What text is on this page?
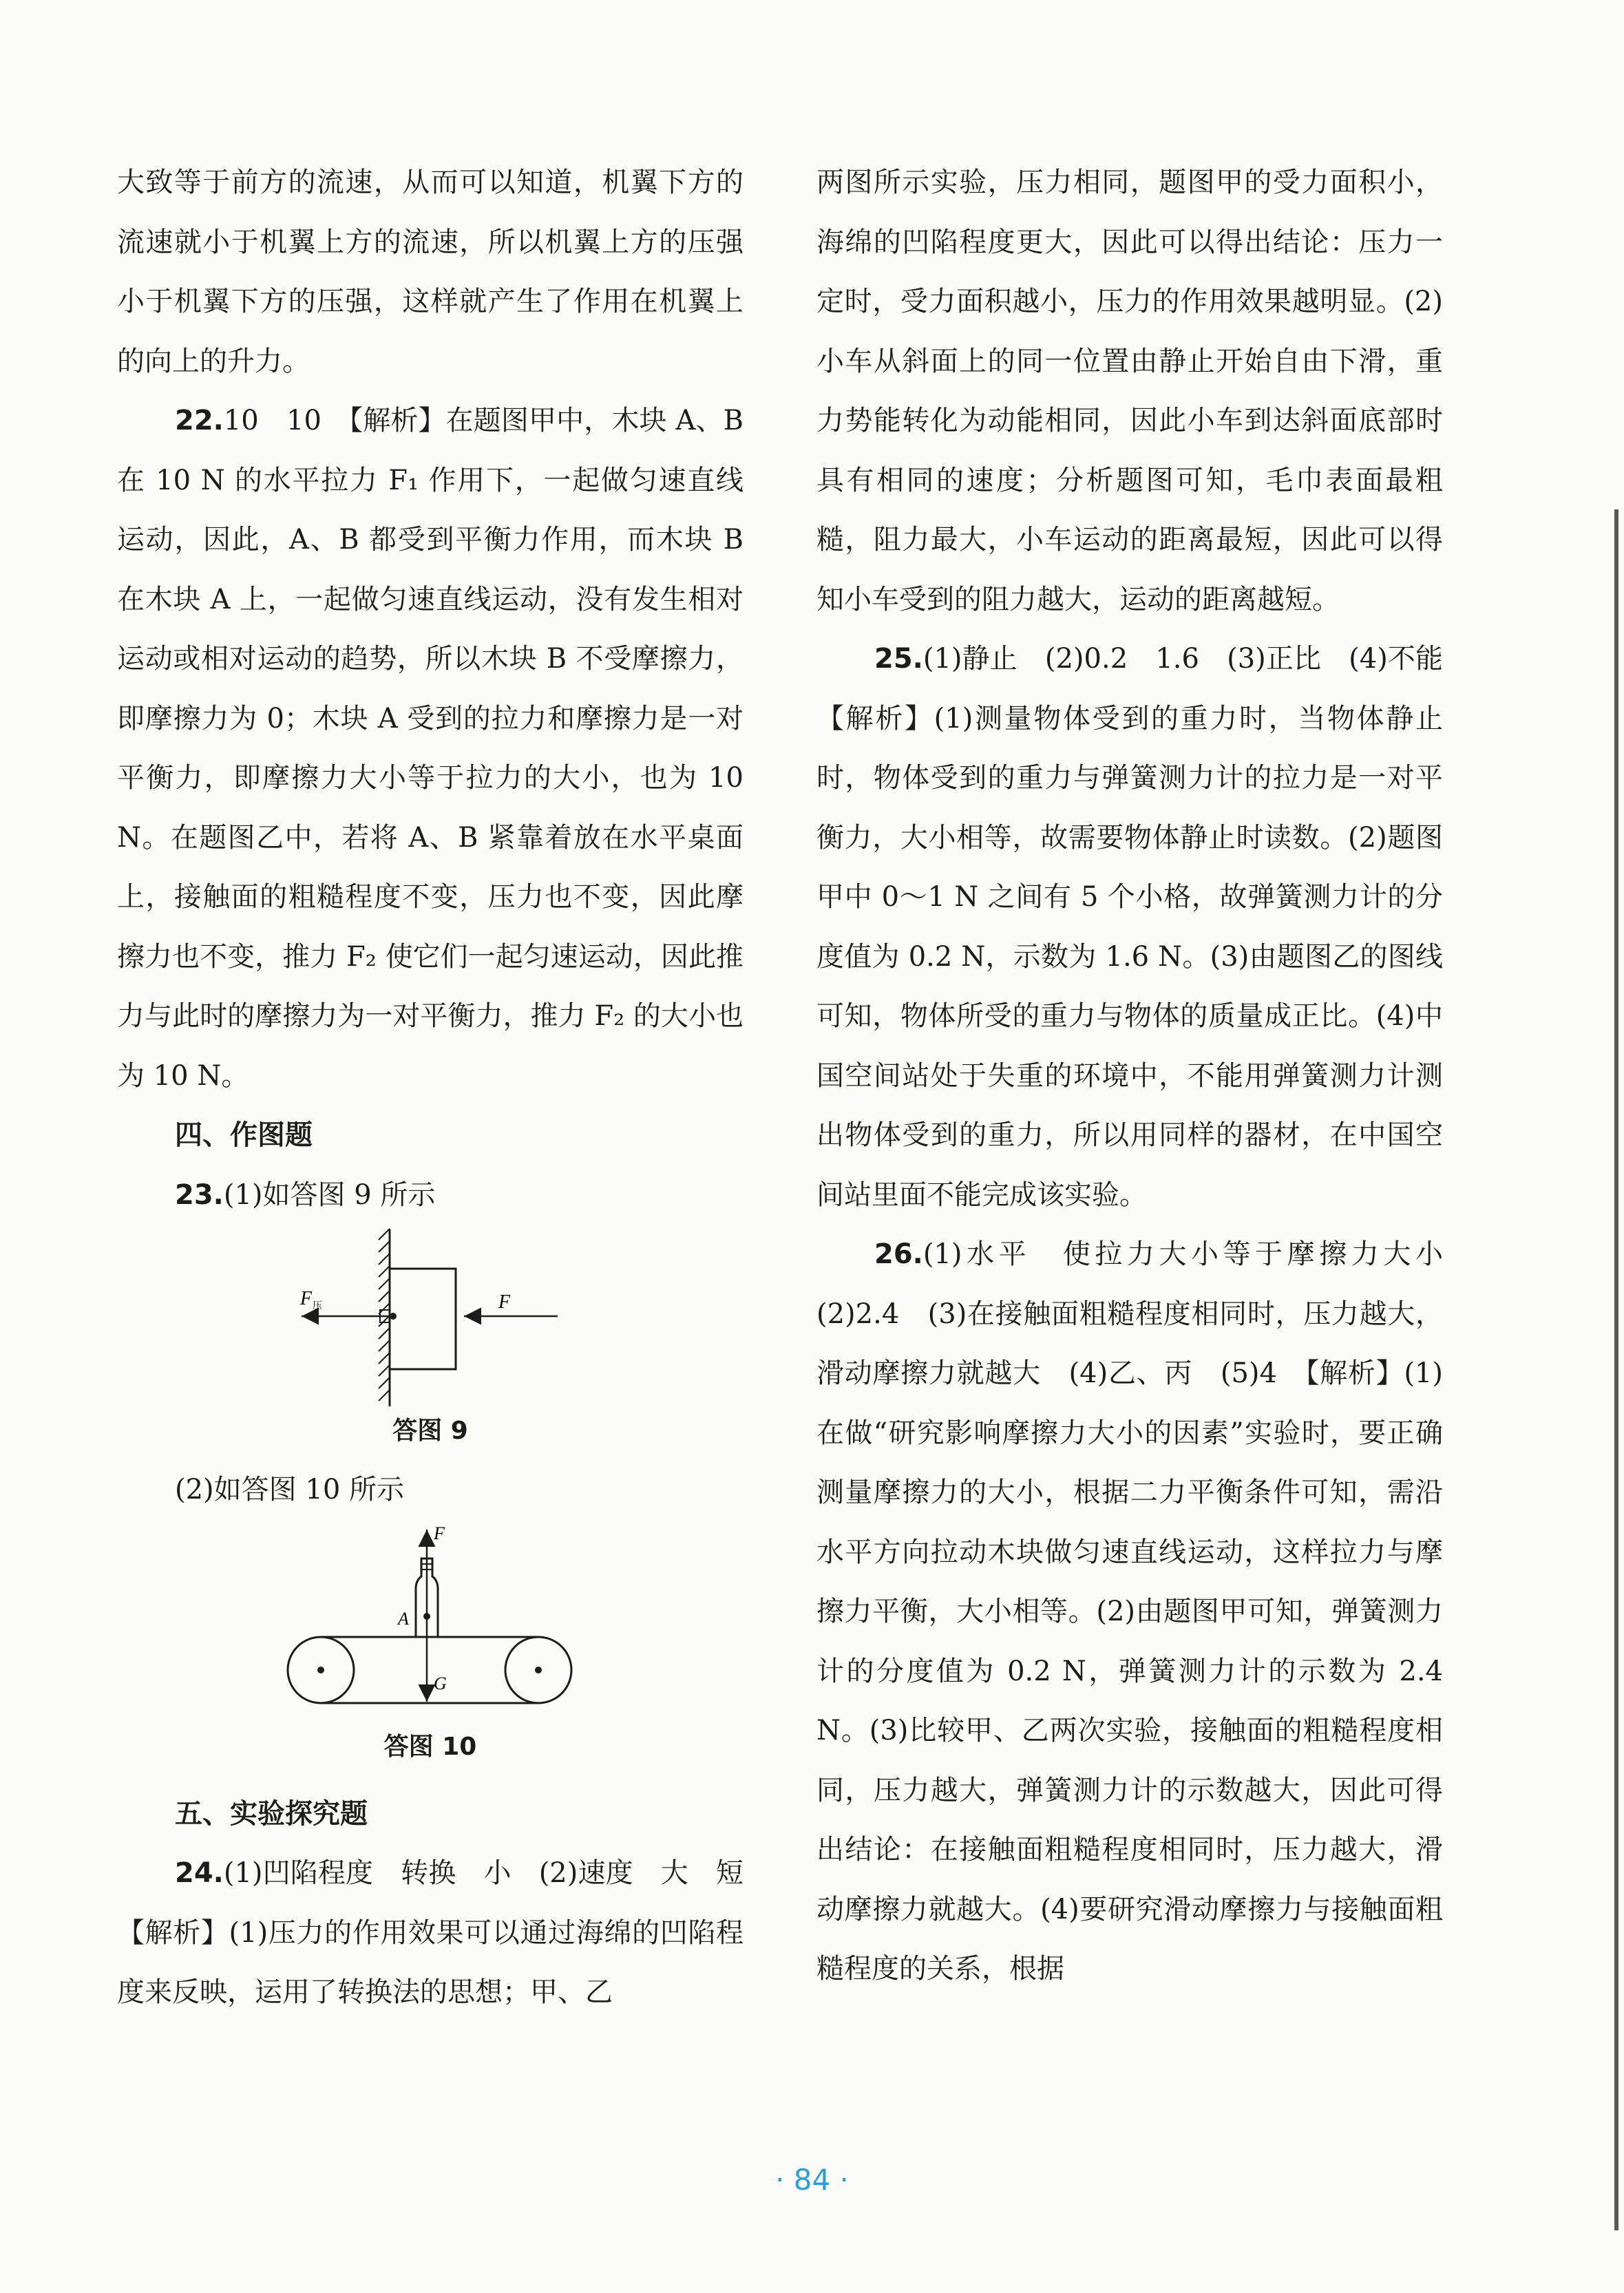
大致等于前方的流速，从而可以知道，机翼下方的流速就小于机翼上方的流速，所以机翼上方的压强小于机翼下方的压强，这样就产生了作用在机翼上的向上的升力。

22.10　10　【解析】在题图甲中，木块 A、B 在 10 N 的水平拉力 F₁ 作用下，一起做匀速直线运动，因此，A、B 都受到平衡力作用，而木块 B 在木块 A 上，一起做匀速直线运动，没有发生相对运动或相对运动的趋势，所以木块 B 不受摩擦力，即摩擦力为 0；木块 A 受到的拉力和摩擦力是一对平衡力，即摩擦力大小等于拉力的大小，也为 10 N。在题图乙中，若将 A、B 紧靠着放在水平桌面上，接触面的粗糙程度不变，压力也不变，因此摩擦力也不变，推力 F₂ 使它们一起匀速运动，因此推力与此时的摩擦力为一对平衡力，推力 F₂ 的大小也为 10 N。

四、作图题

23.(1)如答图 9 所示

F 压	F

答图 9

(2)如答图 10 所示

F
A
G

答图 10

五、实验探究题

24.(1)凹陷程度　转换　小　(2)速度　大　短　【解析】(1)压力的作用效果可以通过海绵的凹陷程度来反映，运用了转换法的思想；甲、乙

两图所示实验，压力相同，题图甲的受力面积小，海绵的凹陷程度更大，因此可以得出结论：压力一定时，受力面积越小，压力的作用效果越明显。(2)小车从斜面上的同一位置由静止开始自由下滑，重力势能转化为动能相同，因此小车到达斜面底部时具有相同的速度；分析题图可知，毛巾表面最粗糙，阻力最大，小车运动的距离最短，因此可以得知小车受到的阻力越大，运动的距离越短。

25.(1)静止　(2)0.2　1.6　(3)正比　(4)不能　【解析】(1)测量物体受到的重力时，当物体静止时，物体受到的重力与弹簧测力计的拉力是一对平衡力，大小相等，故需要物体静止时读数。(2)题图甲中 0～1 N 之间有 5 个小格，故弹簧测力计的分度值为 0.2 N，示数为 1.6 N。(3)由题图乙的图线可知，物体所受的重力与物体的质量成正比。(4)中国空间站处于失重的环境中，不能用弹簧测力计测出物体受到的重力，所以用同样的器材，在中国空间站里面不能完成该实验。

26.(1)水平　使拉力大小等于摩擦力大小　(2)2.4　(3)在接触面粗糙程度相同时，压力越大，滑动摩擦力就越大　(4)乙、丙　(5)4　【解析】(1)在做“研究影响摩擦力大小的因素”实验时，要正确测量摩擦力的大小，根据二力平衡条件可知，需沿水平方向拉动木块做匀速直线运动，这样拉力与摩擦力平衡，大小相等。(2)由题图甲可知，弹簧测力计的分度值为 0.2 N，弹簧测力计的示数为 2.4 N。(3)比较甲、乙两次实验，接触面的粗糙程度相同，压力越大，弹簧测力计的示数越大，因此可得出结论：在接触面粗糙程度相同时，压力越大，滑动摩擦力就越大。(4)要研究滑动摩擦力与接触面粗糙程度的关系，根据

· 84 ·
